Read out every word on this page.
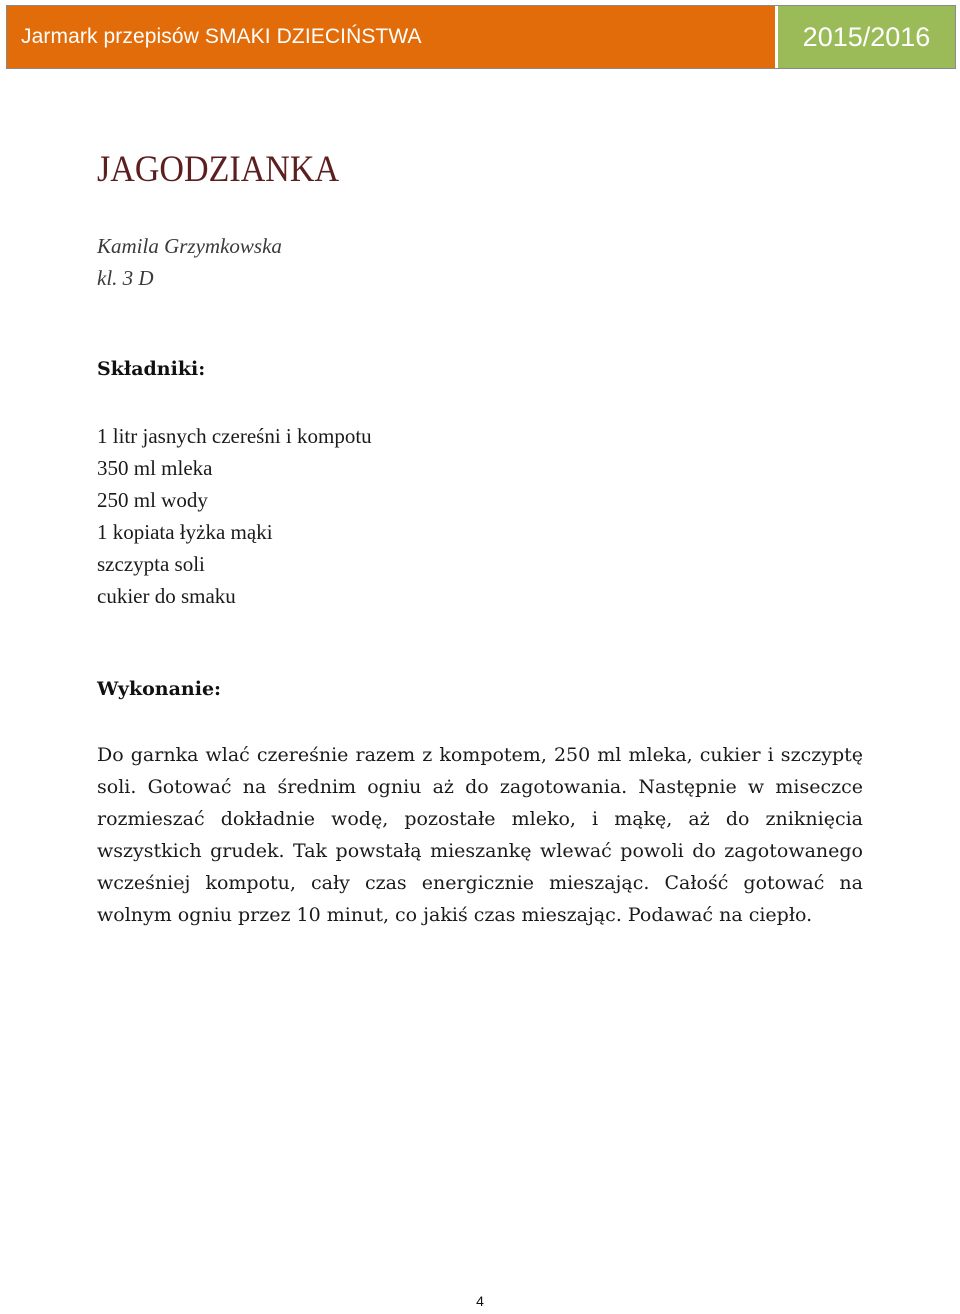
Jarmark przepisów SMAKI DZIECIŃSTWA	2015/2016
JAGODZIANKA
Kamila Grzymkowska
kl. 3 D
Składniki:
1 litr jasnych czereśni i kompotu
350 ml mleka
250 ml wody
1 kopiata łyżka mąki
szczypta soli
cukier do smaku
Wykonanie:

Do garnka wlać czereśnie razem z kompotem, 250 ml mleka, cukier i szczyptę soli. Gotować na średnim ogniu aż do zagotowania. Następnie w miseczce rozmieszać dokładnie wodę, pozostałe mleko, i mąkę, aż do zniknięcia wszystkich grudek. Tak powstałą mieszankę wlewać powoli do zagotowanego wcześniej kompotu, cały czas energicznie mieszając. Całość gotować na wolnym ogniu przez 10 minut, co jakiś czas mieszając. Podawać na ciepło.

4
